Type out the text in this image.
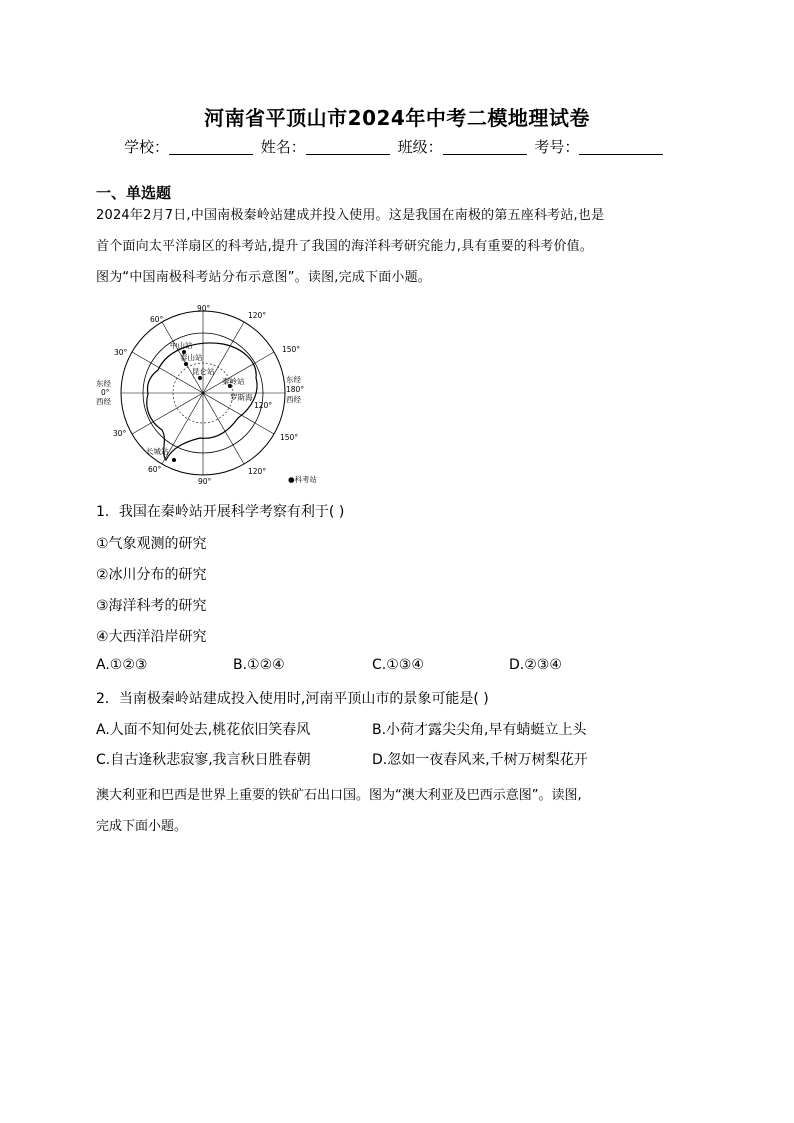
河南省平顶山市2024年中考二模地理试卷
学校：	姓名：	班级：	考号：
一、单选题

2024年2月7日,中国南极秦岭站建成并投入使用。这是我国在南极的第五座科考站,也是

首个面向太平洋扇区的科考站,提升了我国的海洋科考研究能力,具有重要的科考价值。

图为“中国南极科考站分布示意图”。读图,完成下面小题。

90°
60°
30°
30°
60°
90°
120°
150°
120°
150°
120°
东经
0°
西经
东经
180°
西经
中山站
泰山站
昆仑站
秦岭站
罗斯海
长城站
●科考站
1．我国在秦岭站开展科学考察有利于( )
①气象观测的研究
②冰川分布的研究
③海洋科考的研究
④大西洋沿岸研究
A.①②③	B.①②④	C.①③④	D.②③④
2．当南极秦岭站建成投入使用时,河南平顶山市的景象可能是( )
A.人面不知何处去,桃花依旧笑春风	B.小荷才露尖尖角,早有蜻蜓立上头
C.自古逢秋悲寂寥,我言秋日胜春朝	D.忽如一夜春风来,千树万树梨花开

澳大利亚和巴西是世界上重要的铁矿石出口国。图为“澳大利亚及巴西示意图”。读图,

完成下面小题。
